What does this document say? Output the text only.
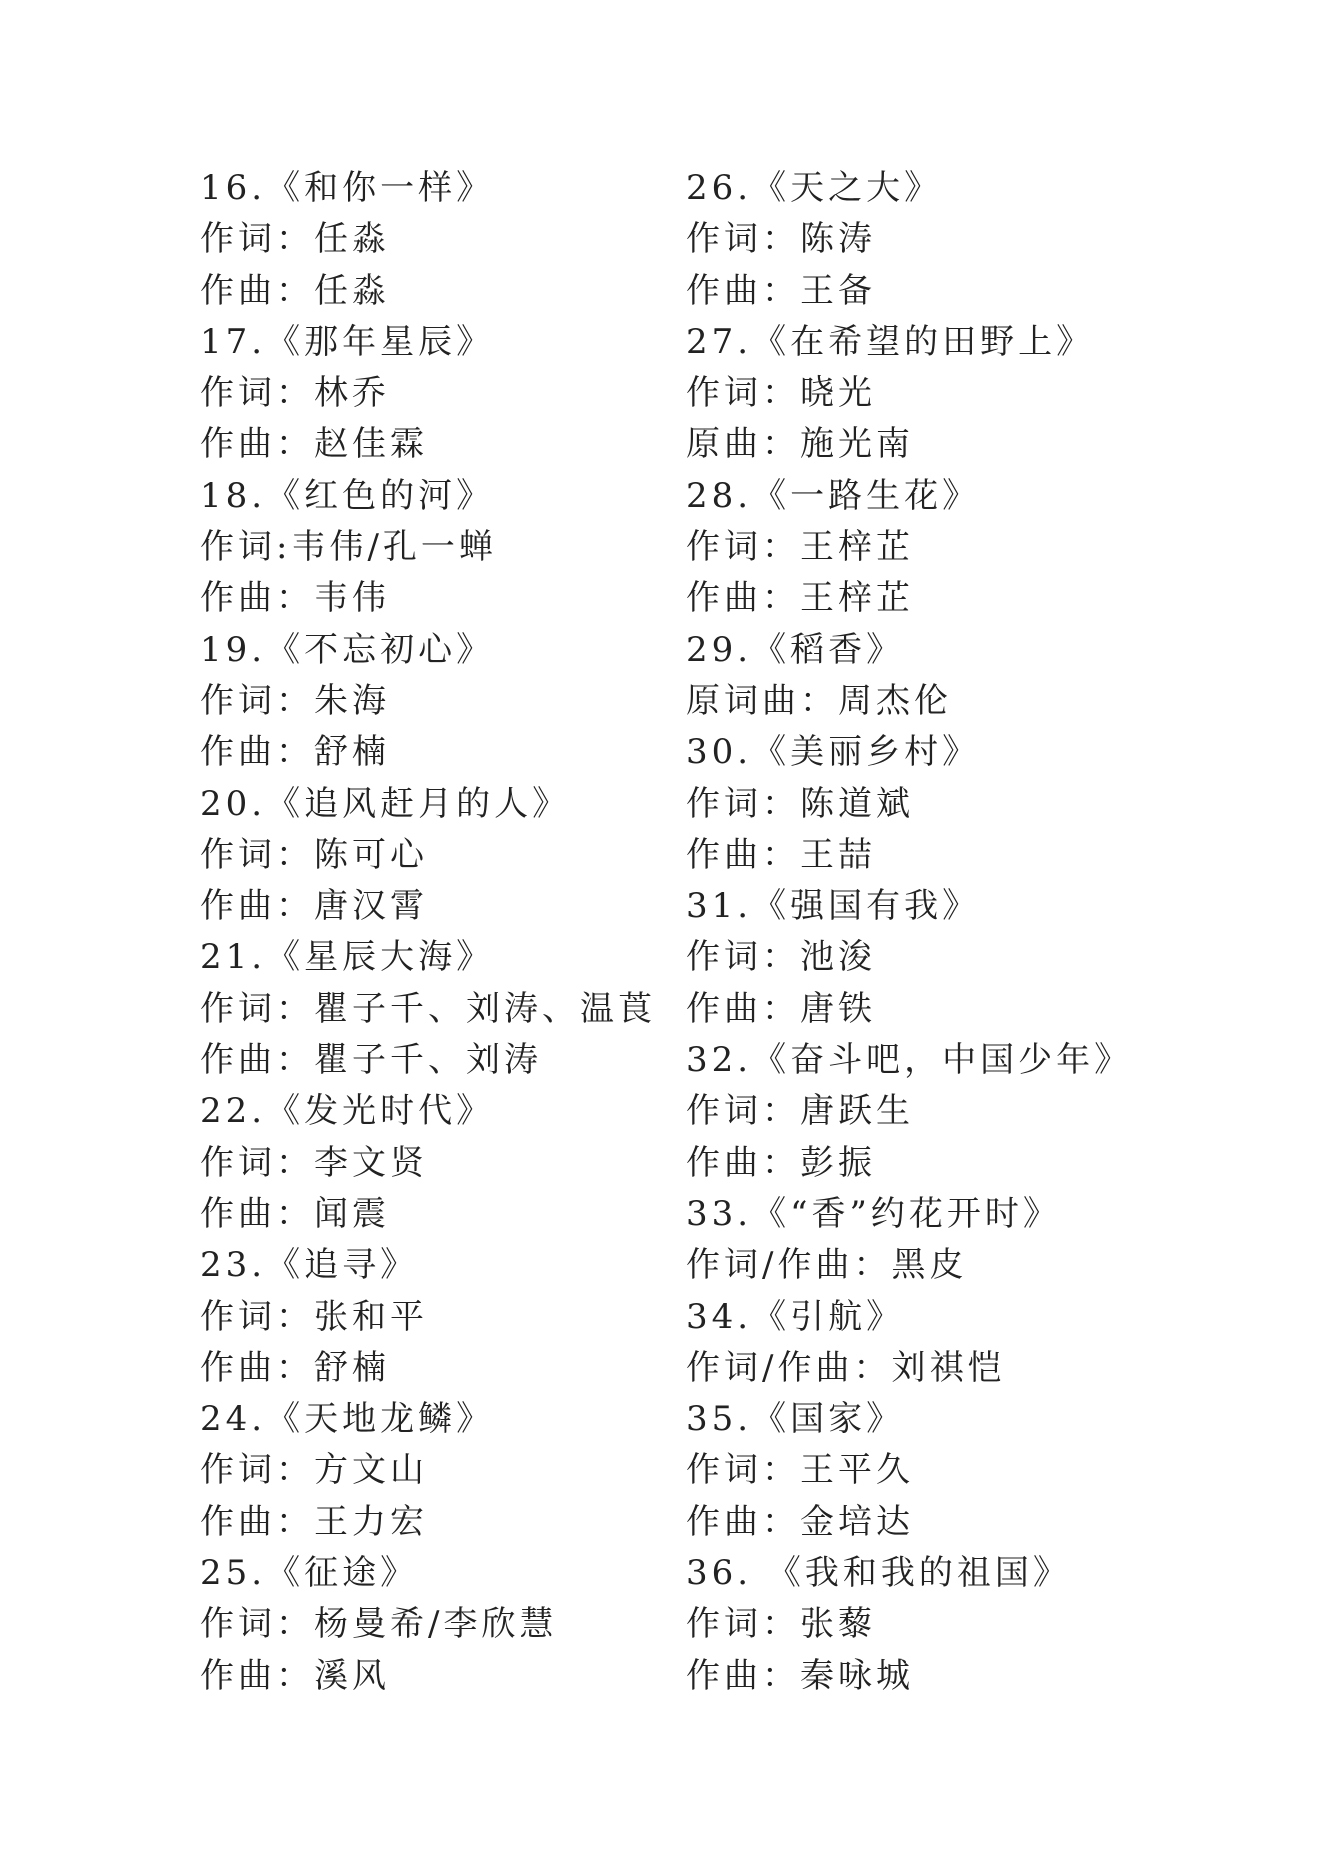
16.《和你一样》
作词：任淼
作曲：任淼
17.《那年星辰》
作词：林乔
作曲：赵佳霖
18.《红色的河》
作词:韦伟/孔一蝉
作曲：韦伟
19.《不忘初心》
作词：朱海
作曲：舒楠
20.《追风赶月的人》
作词：陈可心
作曲：唐汉霄
21.《星辰大海》
作词：瞿子千、刘涛、温莨
作曲：瞿子千、刘涛
22.《发光时代》
作词：李文贤
作曲：闻震
23.《追寻》
作词：张和平
作曲：舒楠
24.《天地龙鳞》
作词：方文山
作曲：王力宏
25.《征途》
作词：杨曼希/李欣慧
作曲：溪风
26.《天之大》
作词：陈涛
作曲：王备
27.《在希望的田野上》
作词：晓光
原曲：施光南
28.《一路生花》
作词：王梓芷
作曲：王梓芷
29.《稻香》
原词曲：周杰伦
30.《美丽乡村》
作词：陈道斌
作曲：王喆
31.《强国有我》
作词：池浚
作曲：唐铁
32.《奋斗吧，中国少年》
作词：唐跃生
作曲：彭振
33.《“香”约花开时》
作词/作曲：黑皮
34.《引航》
作词/作曲：刘祺恺
35.《国家》
作词：王平久
作曲：金培达
36. 《我和我的祖国》
作词：张藜
作曲：秦咏城
